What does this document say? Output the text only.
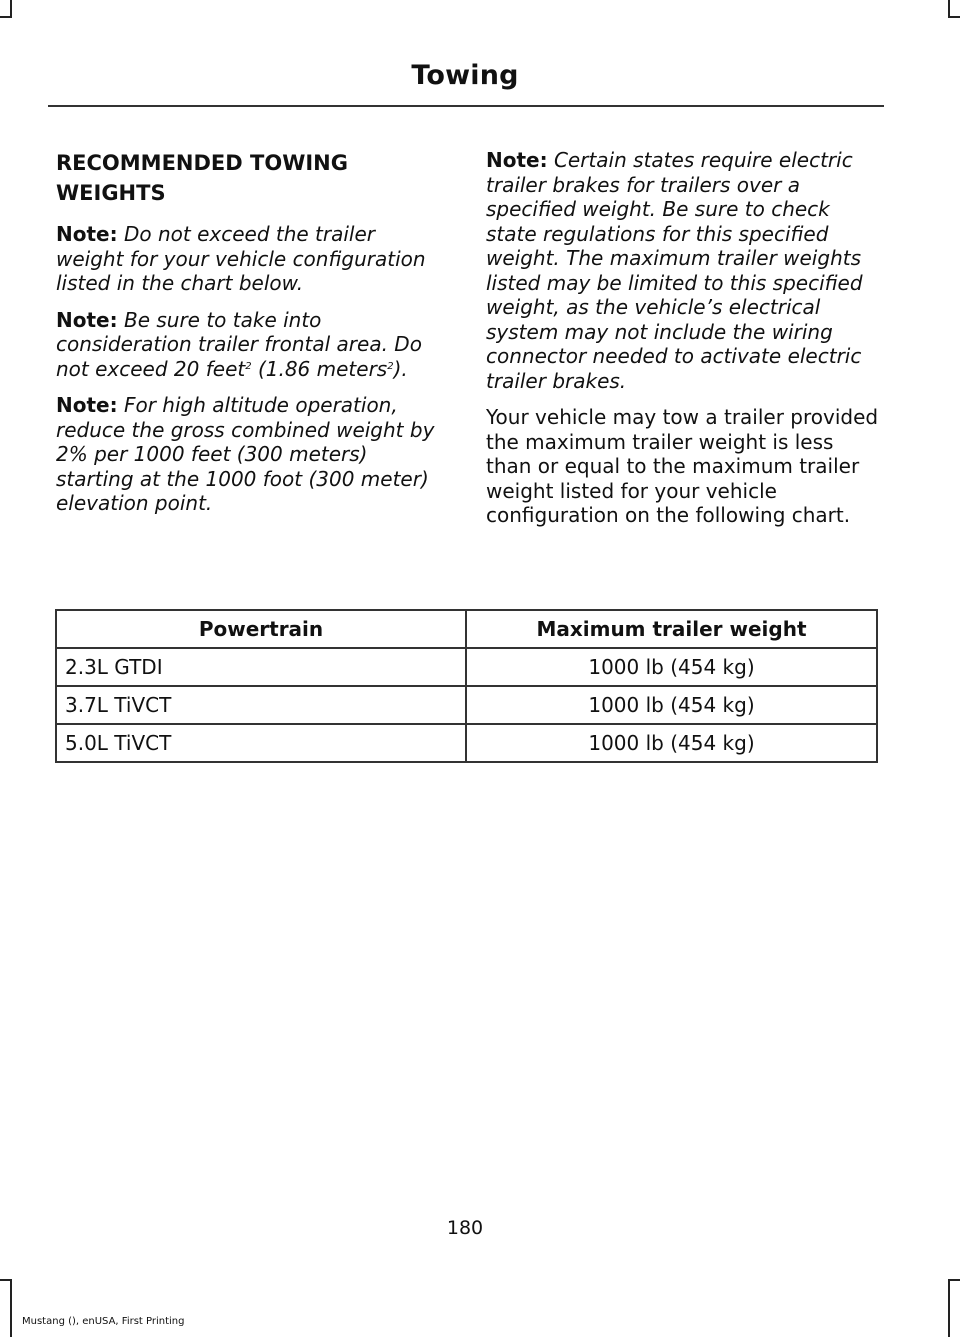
Towing
RECOMMENDED TOWING WEIGHTS

Note: Do not exceed the trailer weight for your vehicle configuration listed in the chart below.

Note: Be sure to take into consideration trailer frontal area. Do not exceed 20 feet$^2$ (1.86 meters$^2$).

Note: For high altitude operation, reduce the gross combined weight by 2% per 1000 feet (300 meters) starting at the 1000 foot (300 meter) elevation point.

Note: Certain states require electric trailer brakes for trailers over a specified weight. Be sure to check state regulations for this specified weight. The maximum trailer weights listed may be limited to this specified weight, as the vehicle’s electrical system may not include the wiring connector needed to activate electric trailer brakes.

Your vehicle may tow a trailer provided the maximum trailer weight is less than or equal to the maximum trailer weight listed for your vehicle configuration on the following chart.

Powertrain	Maximum trailer weight
2.3L GTDI	1000 lb (454 kg)
3.7L TiVCT	1000 lb (454 kg)
5.0L TiVCT	1000 lb (454 kg)
180
Mustang (), enUSA, First Printing
